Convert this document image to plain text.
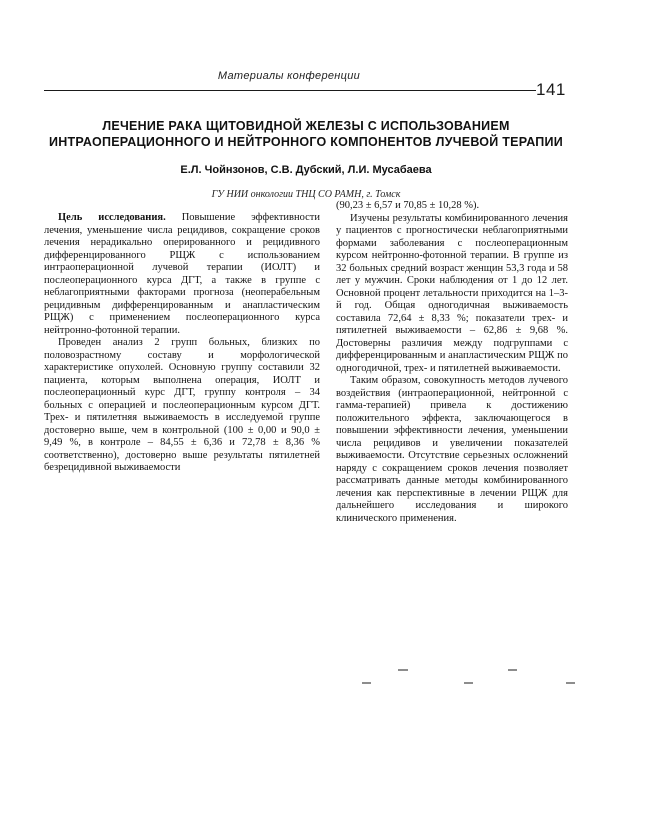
Материалы конференции
141
ЛЕЧЕНИЕ РАКА ЩИТОВИДНОЙ ЖЕЛЕЗЫ С ИСПОЛЬЗОВАНИЕМ
ИНТРАОПЕРАЦИОННОГО И НЕЙТРОННОГО КОМПОНЕНТОВ ЛУЧЕВОЙ ТЕРАПИИ
Е.Л. Чойнзонов, С.В. Дубский, Л.И. Мусабаева
ГУ НИИ онкологии ТНЦ СО РАМН, г. Томск

Цель исследования. Повышение эффективности лечения, уменьшение числа рецидивов, сокращение сроков лечения нерадикально оперированного и рецидивного дифференцированного РЩЖ с использованием интраоперационной лучевой терапии (ИОЛТ) и послеоперационного курса ДГТ, а также в группе с неблагоприятными факторами прогноза (неоперабельным рецидивным дифференцированным и анапластическим РЩЖ) с применением послеоперационного курса нейтронно-фотонной терапии.

Проведен анализ 2 групп больных, близких по половозрастному составу и морфологической характеристике опухолей. Основную группу составили 32 пациента, которым выполнена операция, ИОЛТ и послеоперационный курс ДГТ, группу контроля – 34 больных с операцией и послеоперационным курсом ДГТ. Трех- и пятилетняя выживаемость в исследуемой группе достоверно выше, чем в контрольной (100 ± 0,00 и 90,0 ± 9,49 %, в контроле – 84,55 ± 6,36 и 72,78 ± 8,36 % соответственно), достоверно выше результаты пятилетней безрецидивной выживаемости

(90,23 ± 6,57 и 70,85 ± 10,28 %).

Изучены результаты комбинированного лечения у пациентов с прогностически неблагоприятными формами заболевания с послеоперационным курсом нейтронно-фотонной терапии. В группе из 32 больных средний возраст женщин 53,3 года и 58 лет у мужчин. Сроки наблюдения от 1 до 12 лет. Основной процент летальности приходится на 1–3-й год. Общая одногодичная выживаемость составила 72,64 ± 8,33 %; показатели трех- и пятилетней выживаемости – 62,86 ± 9,68 %. Достоверны различия между подгруппами с дифференцированным и анапластическим РЩЖ по одногодичной, трех- и пятилетней выживаемости.

Таким образом, совокупность методов лучевого воздействия (интраоперационной, нейтронной с гамма-терапией) привела к достижению положительного эффекта, заключающегося в повышении эффективности лечения, уменьшении числа рецидивов и увеличении показателей выживаемости. Отсутствие серьезных осложнений наряду с сокращением сроков лечения позволяет рассматривать данные методы комбинированного лечения как перспективные в лечении РЩЖ для дальнейшего исследования и широкого клинического применения.
